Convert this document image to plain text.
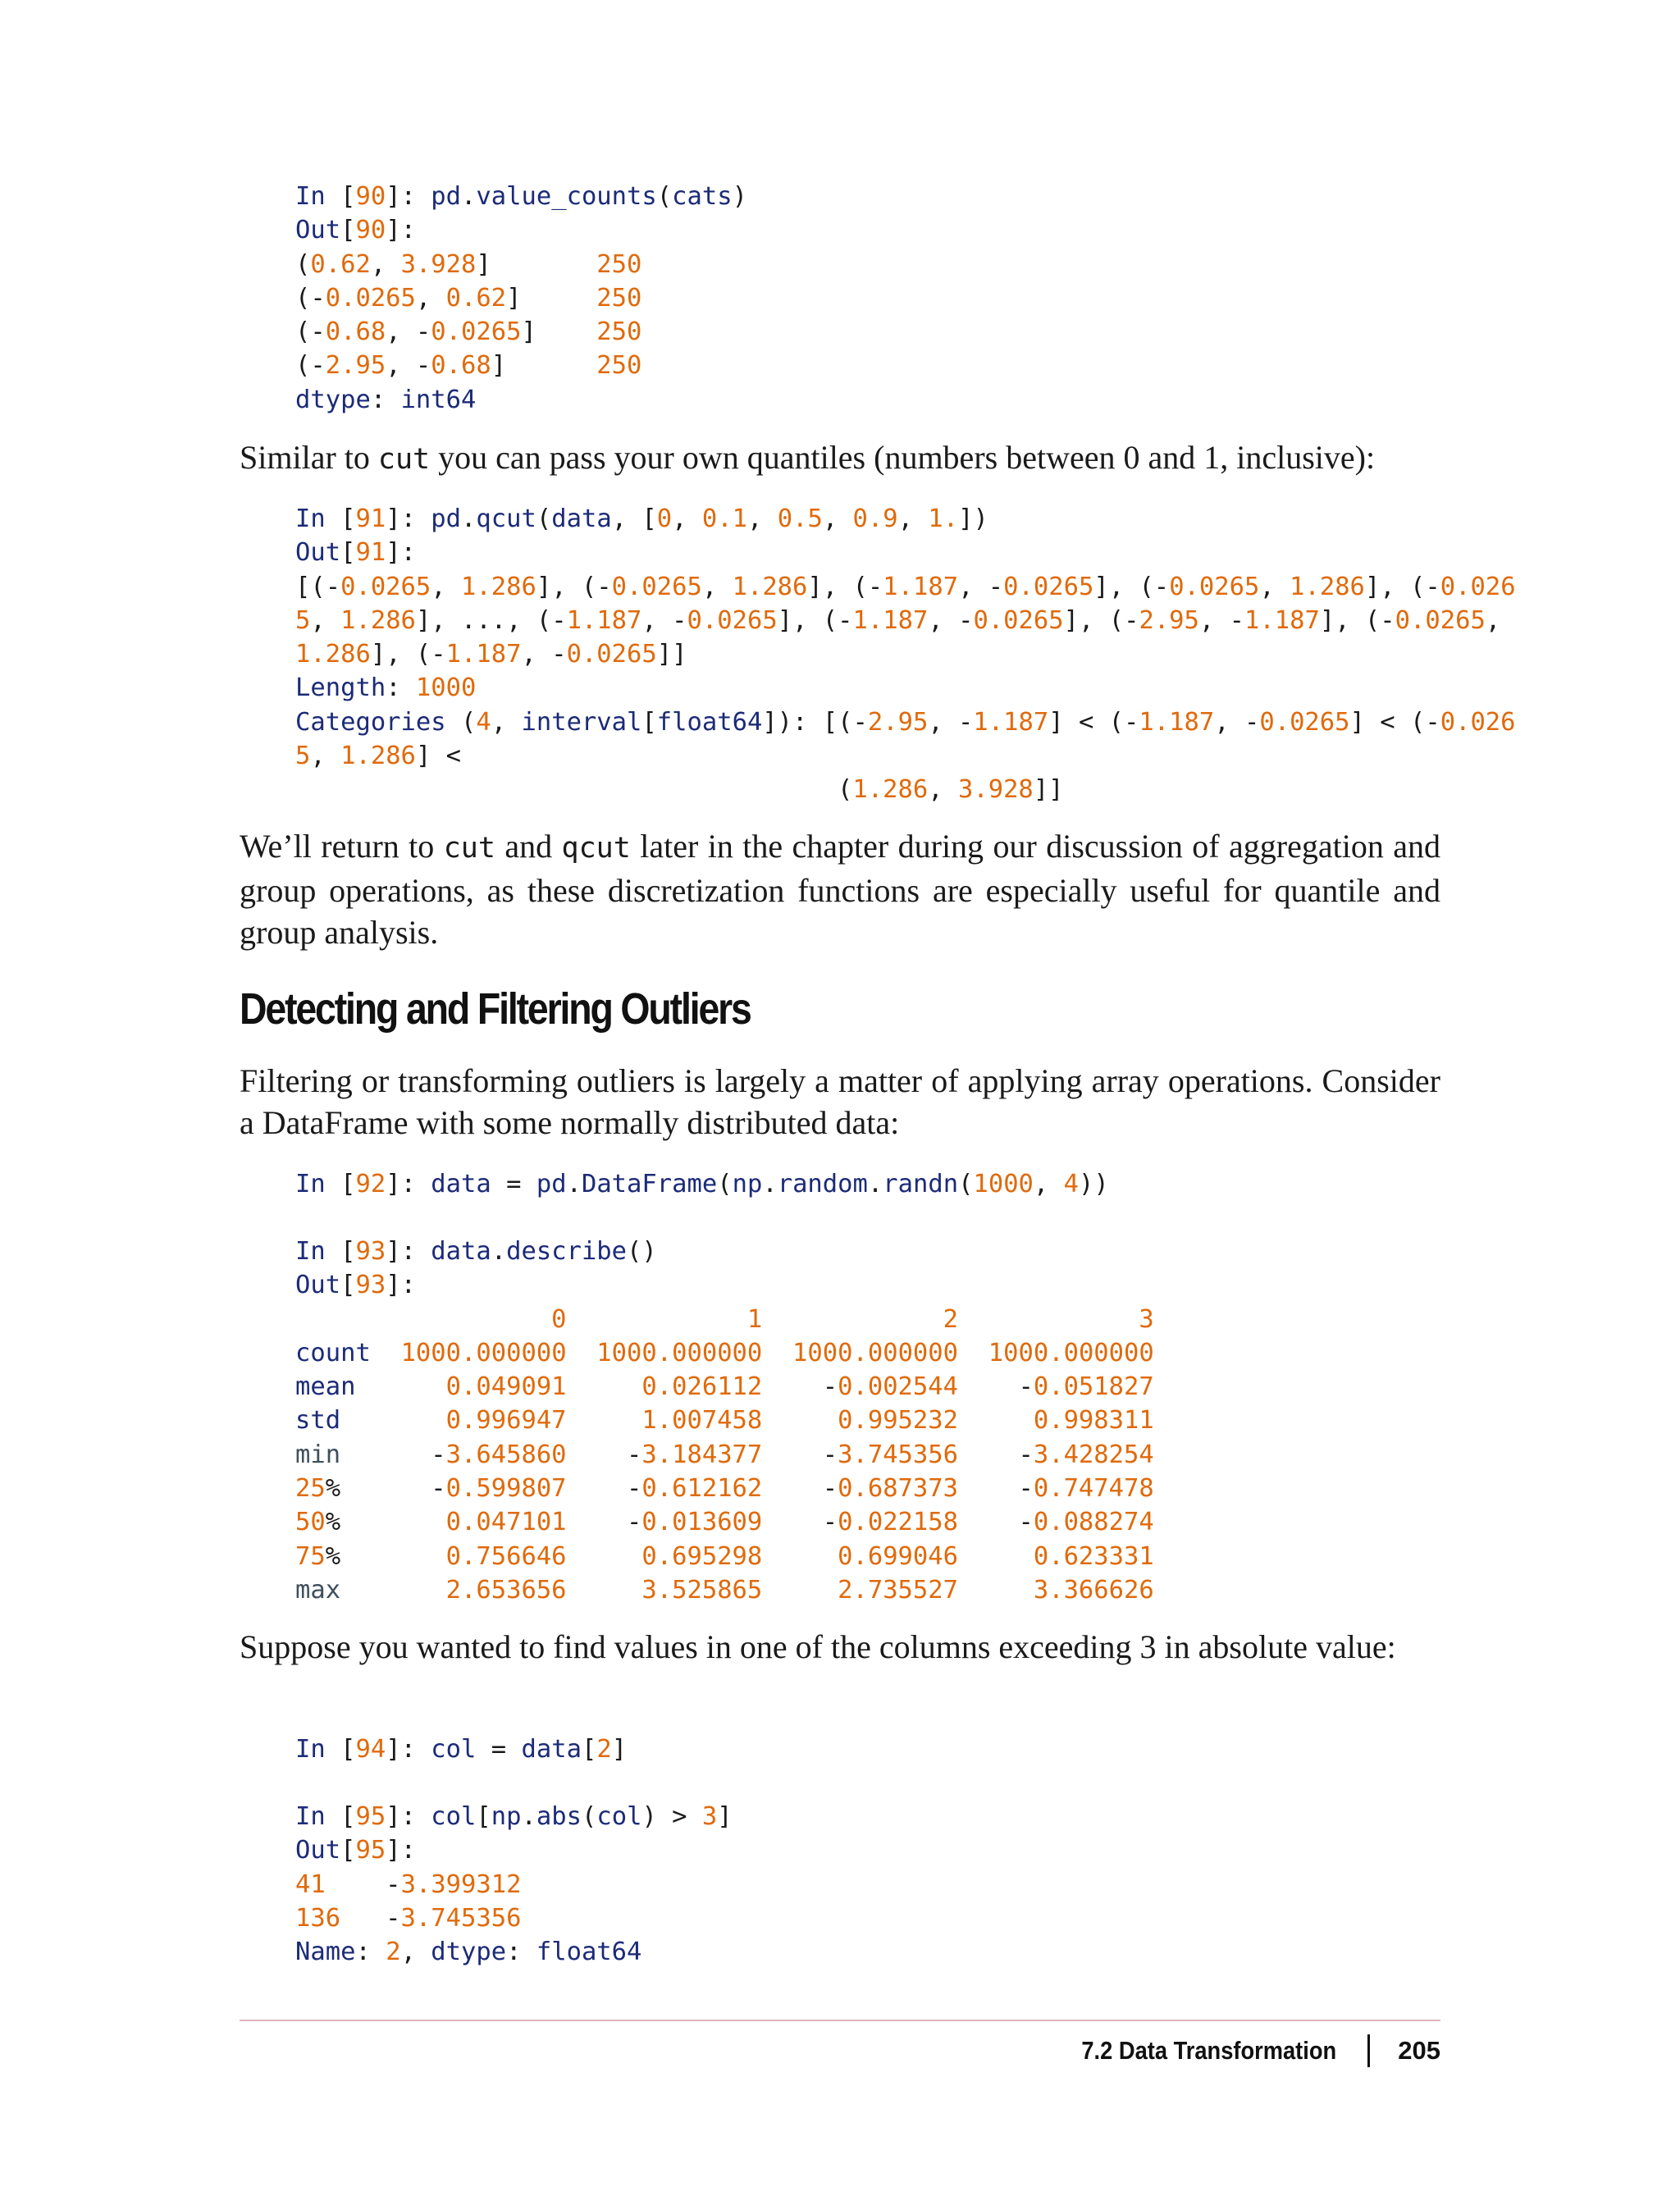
In [90]: pd.value_counts(cats)
Out[90]:
(0.62, 3.928]       250
(-0.0265, 0.62]     250
(-0.68, -0.0265]    250
(-2.95, -0.68]      250
dtype: int64

Similar to cut you can pass your own quantiles (numbers between 0 and 1, inclusive):

In [91]: pd.qcut(data, [0, 0.1, 0.5, 0.9, 1.])
Out[91]:
[(-0.0265, 1.286], (-0.0265, 1.286], (-1.187, -0.0265], (-0.0265, 1.286], (-0.026
5, 1.286], ..., (-1.187, -0.0265], (-1.187, -0.0265], (-2.95, -1.187], (-0.0265,
1.286], (-1.187, -0.0265]]
Length: 1000
Categories (4, interval[float64]): [(-2.95, -1.187] < (-1.187, -0.0265] < (-0.026
5, 1.286] <
(1.286, 3.928]]

We’ll return to cut and qcut later in the chapter during our discussion of aggregation and group operations, as these discretization functions are especially useful for quantile and group analysis.

Detecting and Filtering Outliers

Filtering or transforming outliers is largely a matter of applying array operations. Consider a DataFrame with some normally distributed data:

In [92]: data = pd.DataFrame(np.random.randn(1000, 4))
In [93]: data.describe()
Out[93]:
0	1	2	3
count 1000.000000 1000.000000 1000.000000 1000.000000
mean	0.049091	0.026112    -0.002544    -0.051827
std	0.996947	1.007458	0.995232	0.998311
min      -3.645860    -3.184377    -3.745356    -3.428254
25%      -0.599807    -0.612162    -0.687373    -0.747478
50%       0.047101    -0.013609    -0.022158    -0.088274
75%       0.756646	0.695298	0.699046	0.623331
max	2.653656	3.525865	2.735527	3.366626

Suppose you wanted to find values in one of the columns exceeding 3 in absolute value:

In [94]: col = data[2]
In [95]: col[np.abs(col) > 3]
Out[95]:
41    -3.399312
136   -3.745356
Name: 2, dtype: float64
7.2 Data Transformation 205
